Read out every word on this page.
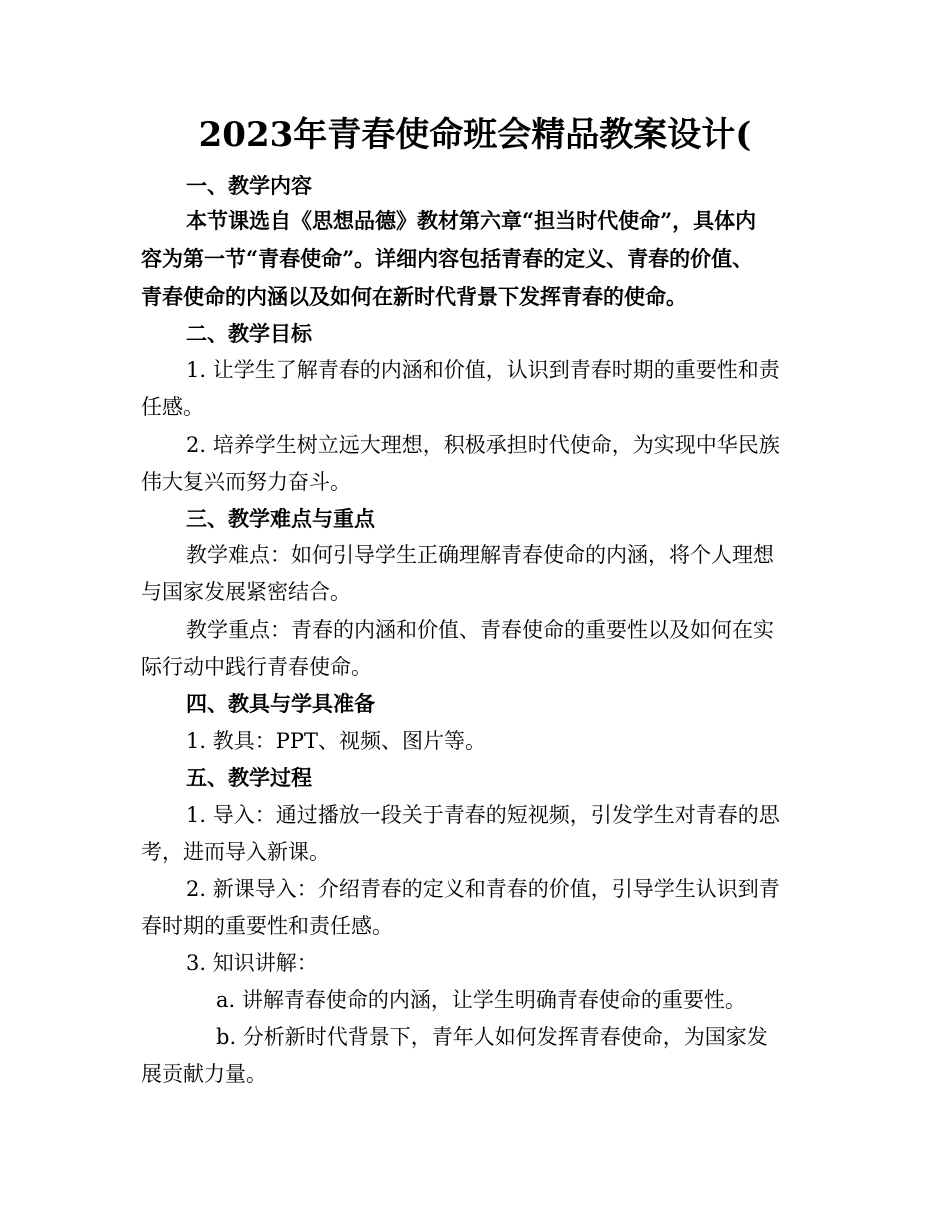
2023年青春使命班会精品教案设计(
一、教学内容
本节课选自《思想品德》教材第六章“担当时代使命”，具体内
容为第一节“青春使命”。详细内容包括青春的定义、青春的价值、
青春使命的内涵以及如何在新时代背景下发挥青春的使命。
二、教学目标
1. 让学生了解青春的内涵和价值，认识到青春时期的重要性和责
任感。
2. 培养学生树立远大理想，积极承担时代使命，为实现中华民族
伟大复兴而努力奋斗。
三、教学难点与重点
教学难点：如何引导学生正确理解青春使命的内涵，将个人理想
与国家发展紧密结合。
教学重点：青春的内涵和价值、青春使命的重要性以及如何在实
际行动中践行青春使命。
四、教具与学具准备
1. 教具：PPT、视频、图片等。
五、教学过程
1. 导入：通过播放一段关于青春的短视频，引发学生对青春的思
考，进而导入新课。
2. 新课导入：介绍青春的定义和青春的价值，引导学生认识到青
春时期的重要性和责任感。
3. 知识讲解：
a. 讲解青春使命的内涵，让学生明确青春使命的重要性。
b. 分析新时代背景下，青年人如何发挥青春使命，为国家发
展贡献力量。
